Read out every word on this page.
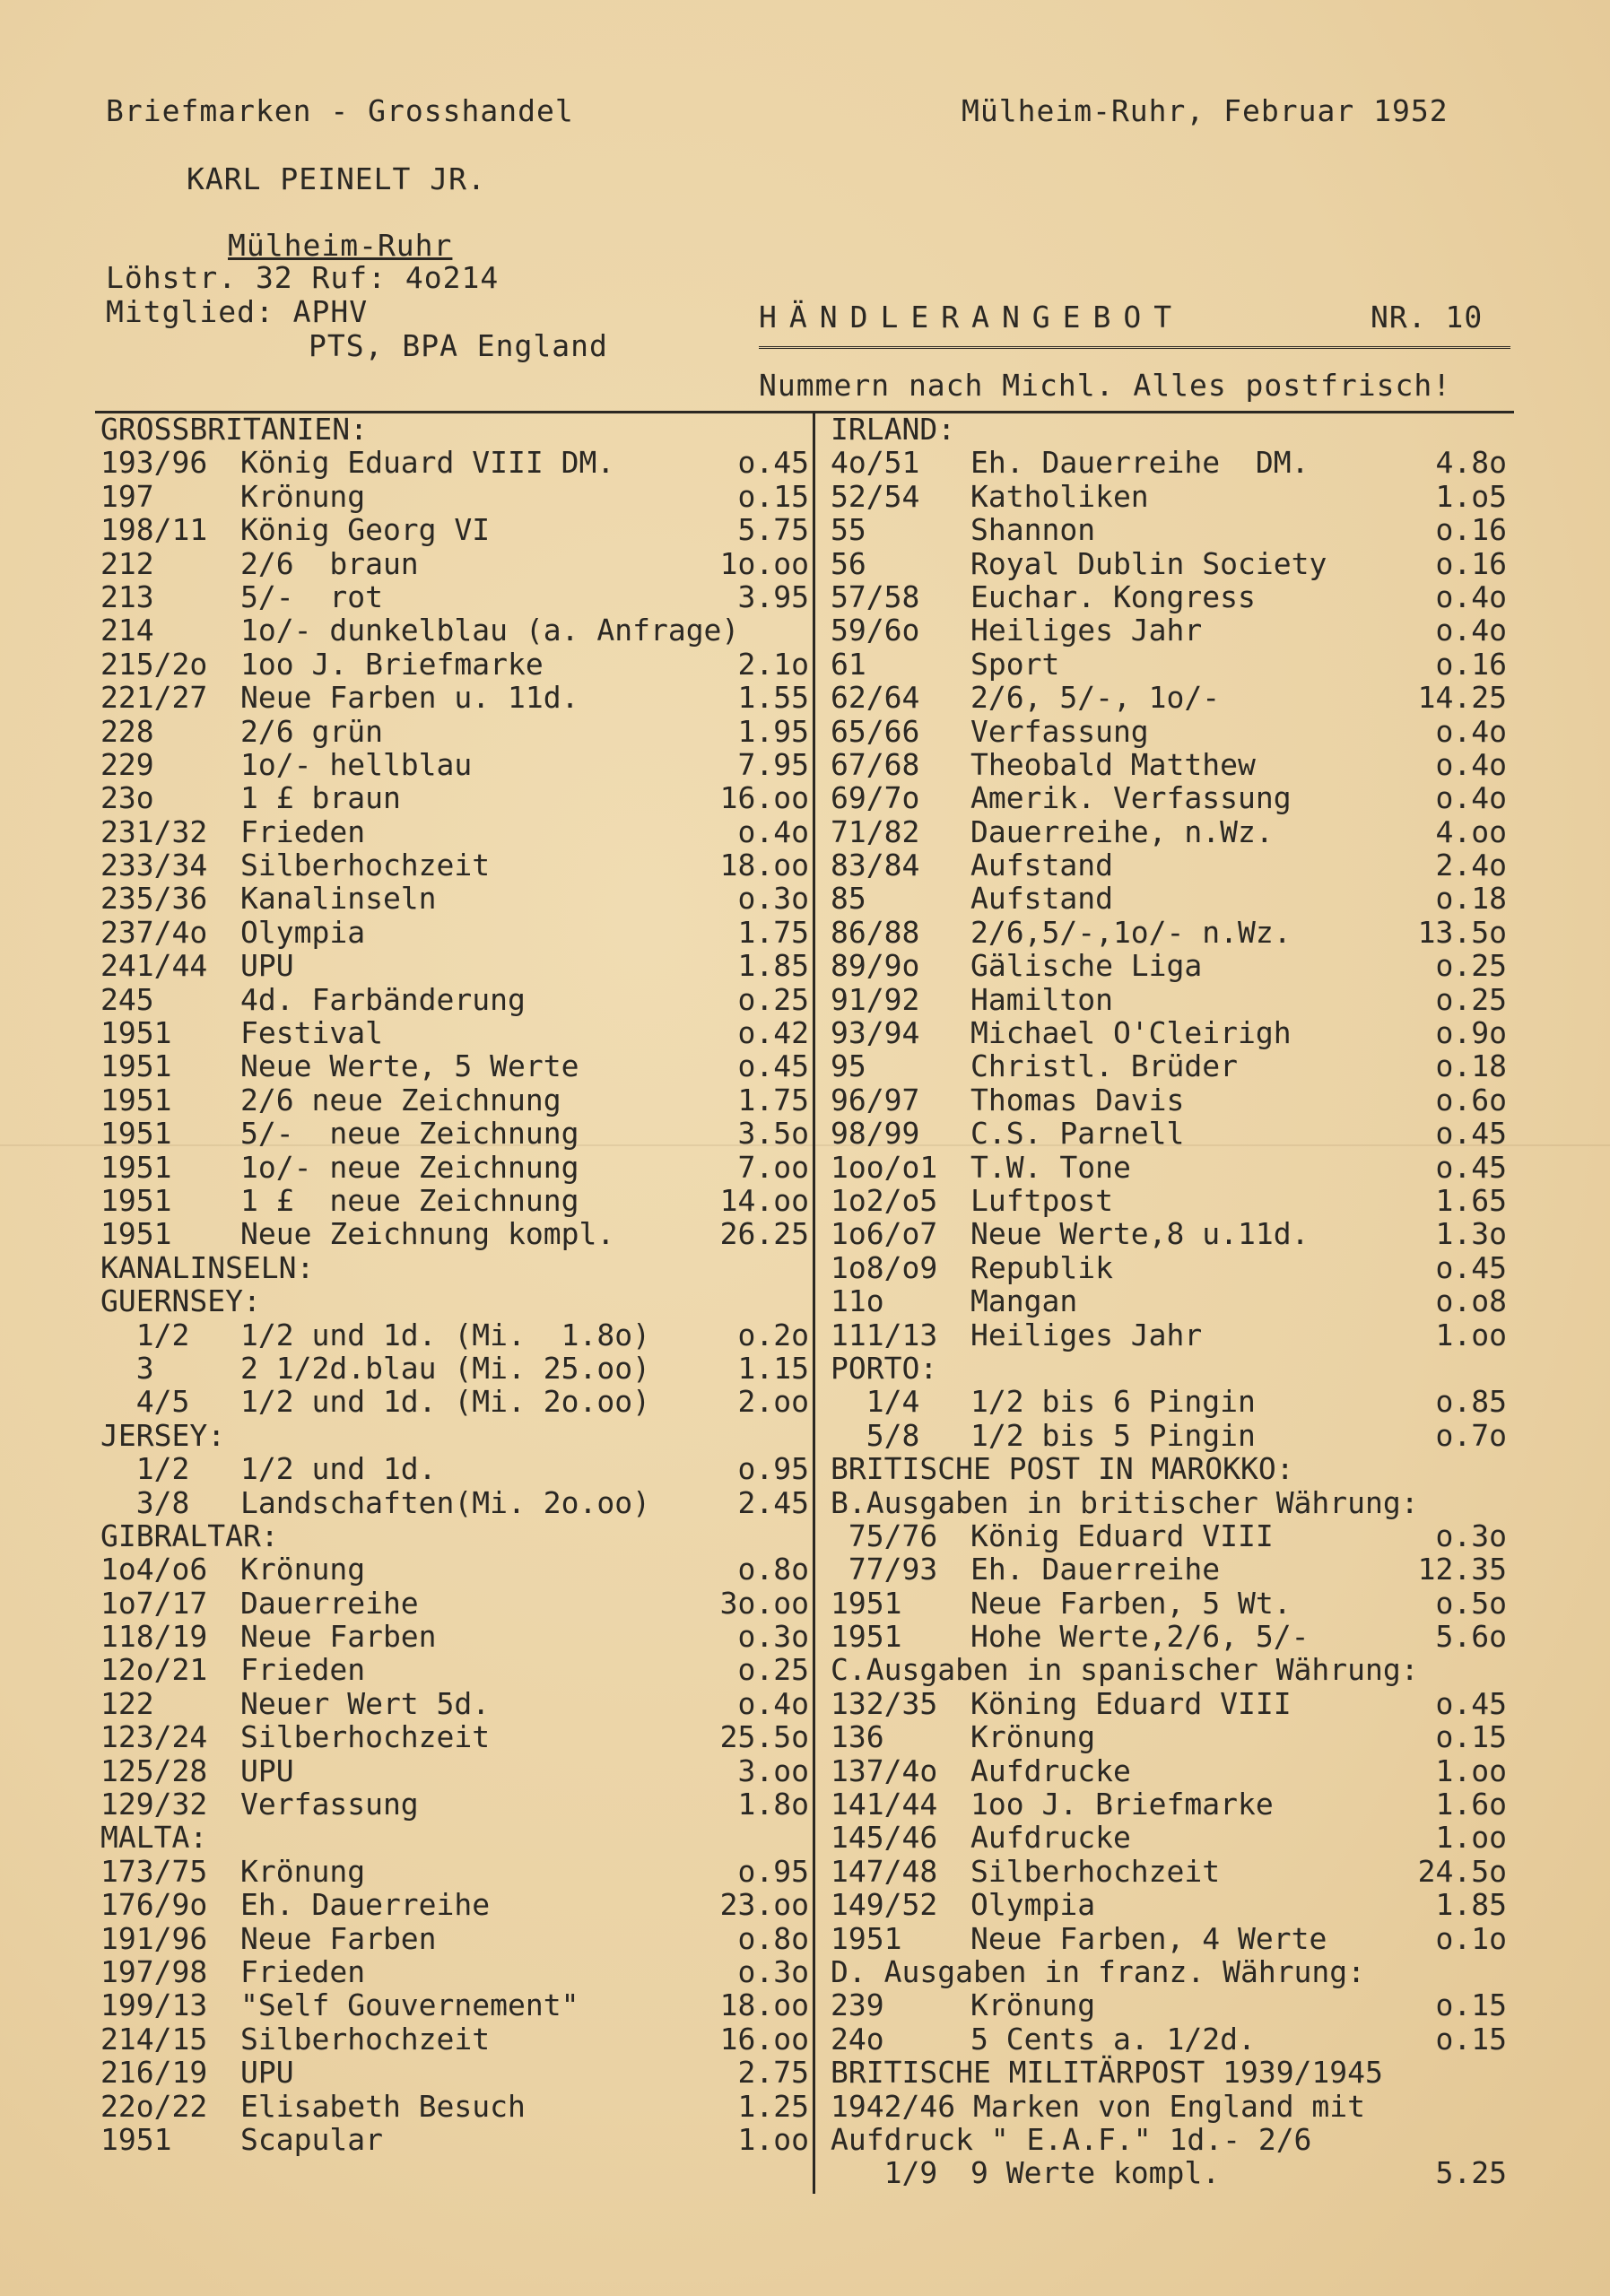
Briefmarken - Grosshandel	Mülheim-Ruhr, Februar 1952
KARL PEINELT JR.
Mülheim-Ruhr
Löhstr. 32 Ruf: 4o214
Mitglied: APHV
PTS, BPA England
HÄNDLERANGEBOT	NR. 10
Nummern nach Michl. Alles postfrisch!
GROSSBRITANIEN:
193/96 König Eduard VIII DM.	o.45
197	Krönung	o.15
198/11 König Georg VI	5.75
212	2/6  braun	1o.oo
213	5/-  rot	3.95
214	1o/- dunkelblau (a. Anfrage)
215/2o 1oo J. Briefmarke	2.1o
221/27 Neue Farben u. 11d.	1.55
228	2/6 grün	1.95
229	1o/- hellblau	7.95
23o	1 £ braun	16.oo
231/32 Frieden	o.4o
233/34 Silberhochzeit	18.oo
235/36 Kanalinseln	o.3o
237/4o Olympia	1.75
241/44 UPU	1.85
245	4d. Farbänderung	o.25
1951 Festival	o.42
1951 Neue Werte, 5 Werte	o.45
1951 2/6 neue Zeichnung	1.75
1951 5/-  neue Zeichnung	3.5o
1951 1o/- neue Zeichnung	7.oo
1951 1 £  neue Zeichnung	14.oo
1951 Neue Zeichnung kompl.	26.25
KANALINSELN:
GUERNSEY:
1/2 1/2 und 1d. (Mi.  1.8o)	o.2o
3	2 1/2d.blau (Mi. 25.oo)	1.15
4/5 1/2 und 1d. (Mi. 2o.oo)	2.oo
JERSEY:
1/2 1/2 und 1d.	o.95
3/8 Landschaften(Mi. 2o.oo)	2.45
GIBRALTAR:
1o4/o6 Krönung	o.8o
1o7/17 Dauerreihe	3o.oo
118/19 Neue Farben	o.3o
12o/21 Frieden	o.25
122	Neuer Wert 5d.	o.4o
123/24 Silberhochzeit	25.5o
125/28 UPU	3.oo
129/32 Verfassung	1.8o
MALTA:
173/75 Krönung	o.95
176/9o Eh. Dauerreihe	23.oo
191/96 Neue Farben	o.8o
197/98 Frieden	o.3o
199/13 "Self Gouvernement"	18.oo
214/15 Silberhochzeit	16.oo
216/19 UPU	2.75
22o/22 Elisabeth Besuch	1.25
1951 Scapular	1.oo
IRLAND:
4o/51 Eh. Dauerreihe  DM.	4.8o
52/54 Katholiken	1.o5
55	Shannon	o.16
56	Royal Dublin Society	o.16
57/58 Euchar. Kongress	o.4o
59/6o Heiliges Jahr	o.4o
61	Sport	o.16
62/64 2/6, 5/-, 1o/-	14.25
65/66 Verfassung	o.4o
67/68 Theobald Matthew	o.4o
69/7o Amerik. Verfassung	o.4o
71/82 Dauerreihe, n.Wz.	4.oo
83/84 Aufstand	2.4o
85	Aufstand	o.18
86/88 2/6,5/-,1o/- n.Wz.	13.5o
89/9o Gälische Liga	o.25
91/92 Hamilton	o.25
93/94 Michael O'Cleirigh	o.9o
95	Christl. Brüder	o.18
96/97 Thomas Davis	o.6o
98/99 C.S. Parnell	o.45
1oo/o1 T.W. Tone	o.45
1o2/o5 Luftpost	1.65
1o6/o7 Neue Werte,8 u.11d.	1.3o
1o8/o9 Republik	o.45
11o	Mangan	o.o8
111/13 Heiliges Jahr	1.oo
PORTO:
1/4 1/2 bis 6 Pingin	o.85
5/8 1/2 bis 5 Pingin	o.7o
BRITISCHE POST IN MAROKKO:
B.Ausgaben in britischer Währung:
75/76 König Eduard VIII	o.3o
77/93 Eh. Dauerreihe	12.35
1951 Neue Farben, 5 Wt.	o.5o
1951 Hohe Werte,2/6, 5/-	5.6o
C.Ausgaben in spanischer Währung:
132/35 Köning Eduard VIII	o.45
136	Krönung	o.15
137/4o Aufdrucke	1.oo
141/44 1oo J. Briefmarke	1.6o
145/46 Aufdrucke	1.oo
147/48 Silberhochzeit	24.5o
149/52 Olympia	1.85
1951 Neue Farben, 4 Werte	o.1o
D. Ausgaben in franz. Währung:
239	Krönung	o.15
24o	5 Cents a. 1/2d.	o.15
BRITISCHE MILITÄRPOST 1939/1945
1942/46 Marken von England mit
Aufdruck " E.A.F." 1d.- 2/6
1/9 9 Werte kompl.	5.25
